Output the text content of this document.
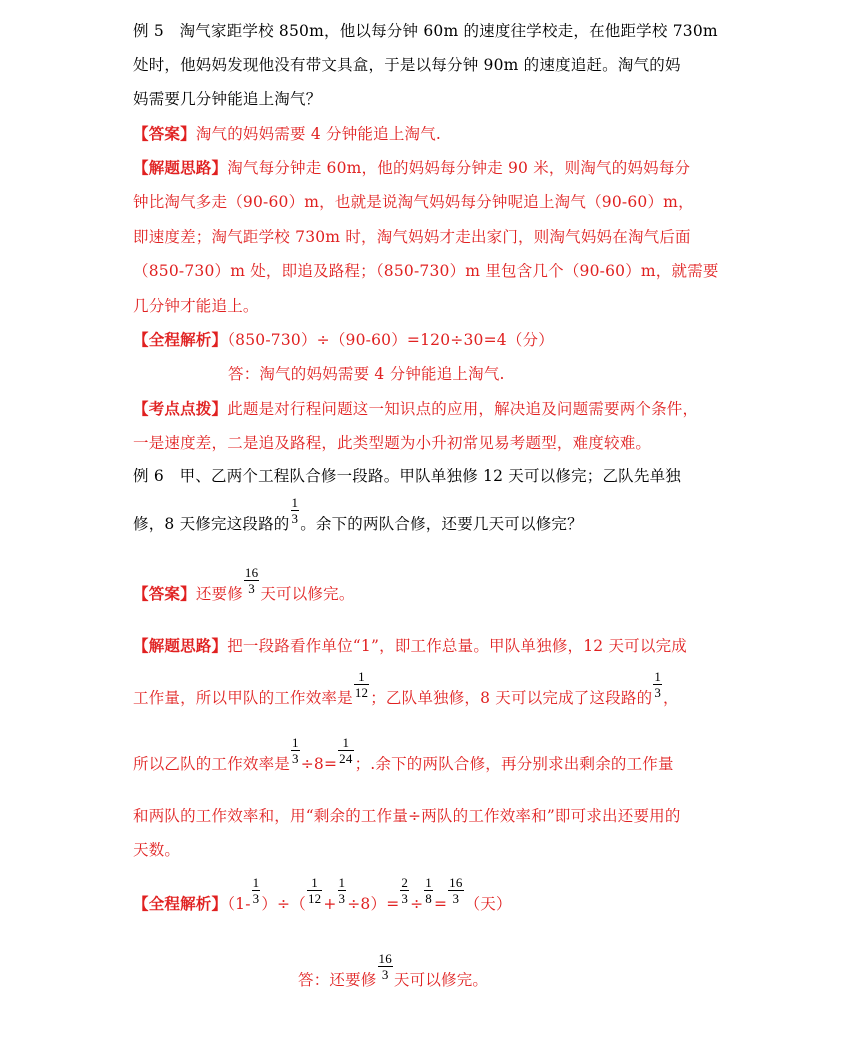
例 5　淘气家距学校 850m，他以每分钟 60m 的速度往学校走，在他距学校 730m
处时，他妈妈发现他没有带文具盒，于是以每分钟 90m 的速度追赶。淘气的妈
妈需要几分钟能追上淘气？
【答案】淘气的妈妈需要 4 分钟能追上淘气.
【解题思路】淘气每分钟走 60m，他的妈妈每分钟走 90 米，则淘气的妈妈每分
钟比淘气多走（90-60）m，也就是说淘气妈妈每分钟呢追上淘气（90-60）m，
即速度差；淘气距学校 730m 时，淘气妈妈才走出家门，则淘气妈妈在淘气后面
（850-730）m 处，即追及路程；（850-730）m 里包含几个（90-60）m，就需要
几分钟才能追上。
【全程解析】（850-730）÷（90-60）=120÷30=4（分）
答：淘气的妈妈需要 4 分钟能追上淘气.
【考点点拨】此题是对行程问题这一知识点的应用，解决追及问题需要两个条件，
一是速度差，二是追及路程，此类型题为小升初常见易考题型，难度较难。
例 6　甲、乙两个工程队合修一段路。甲队单独修 12 天可以修完；乙队先单独
修，8 天修完这段路的 $\frac{1}{3}$ 。余下的两队合修，还要几天可以修完？
【答案】还要修 $\frac{16}{3}$ 天可以修完。
【解题思路】把一段路看作单位“1”，即工作总量。甲队单独修，12 天可以完成
工作量，所以甲队的工作效率是 $\frac{1}{12}$ ；乙队单独修，8 天可以完成了这段路的 $\frac{1}{3}$ ，
所以乙队的工作效率是 $\frac{1}{3} \div 8= \frac{1}{24}$ ；.余下的两队合修，再分别求出剩余的工作量
和两队的工作效率和，用“剩余的工作量÷两队的工作效率和”即可求出还要用的
天数。
【全程解析】（$1- \frac{1}{3}$ ）÷（ $\frac{1}{12} + \frac{1}{3} \div 8)= \frac{2}{3} \div \frac{1}{8} = \frac{16}{3}$ （天）
答：还要修 $\frac{16}{3}$ 天可以修完。
